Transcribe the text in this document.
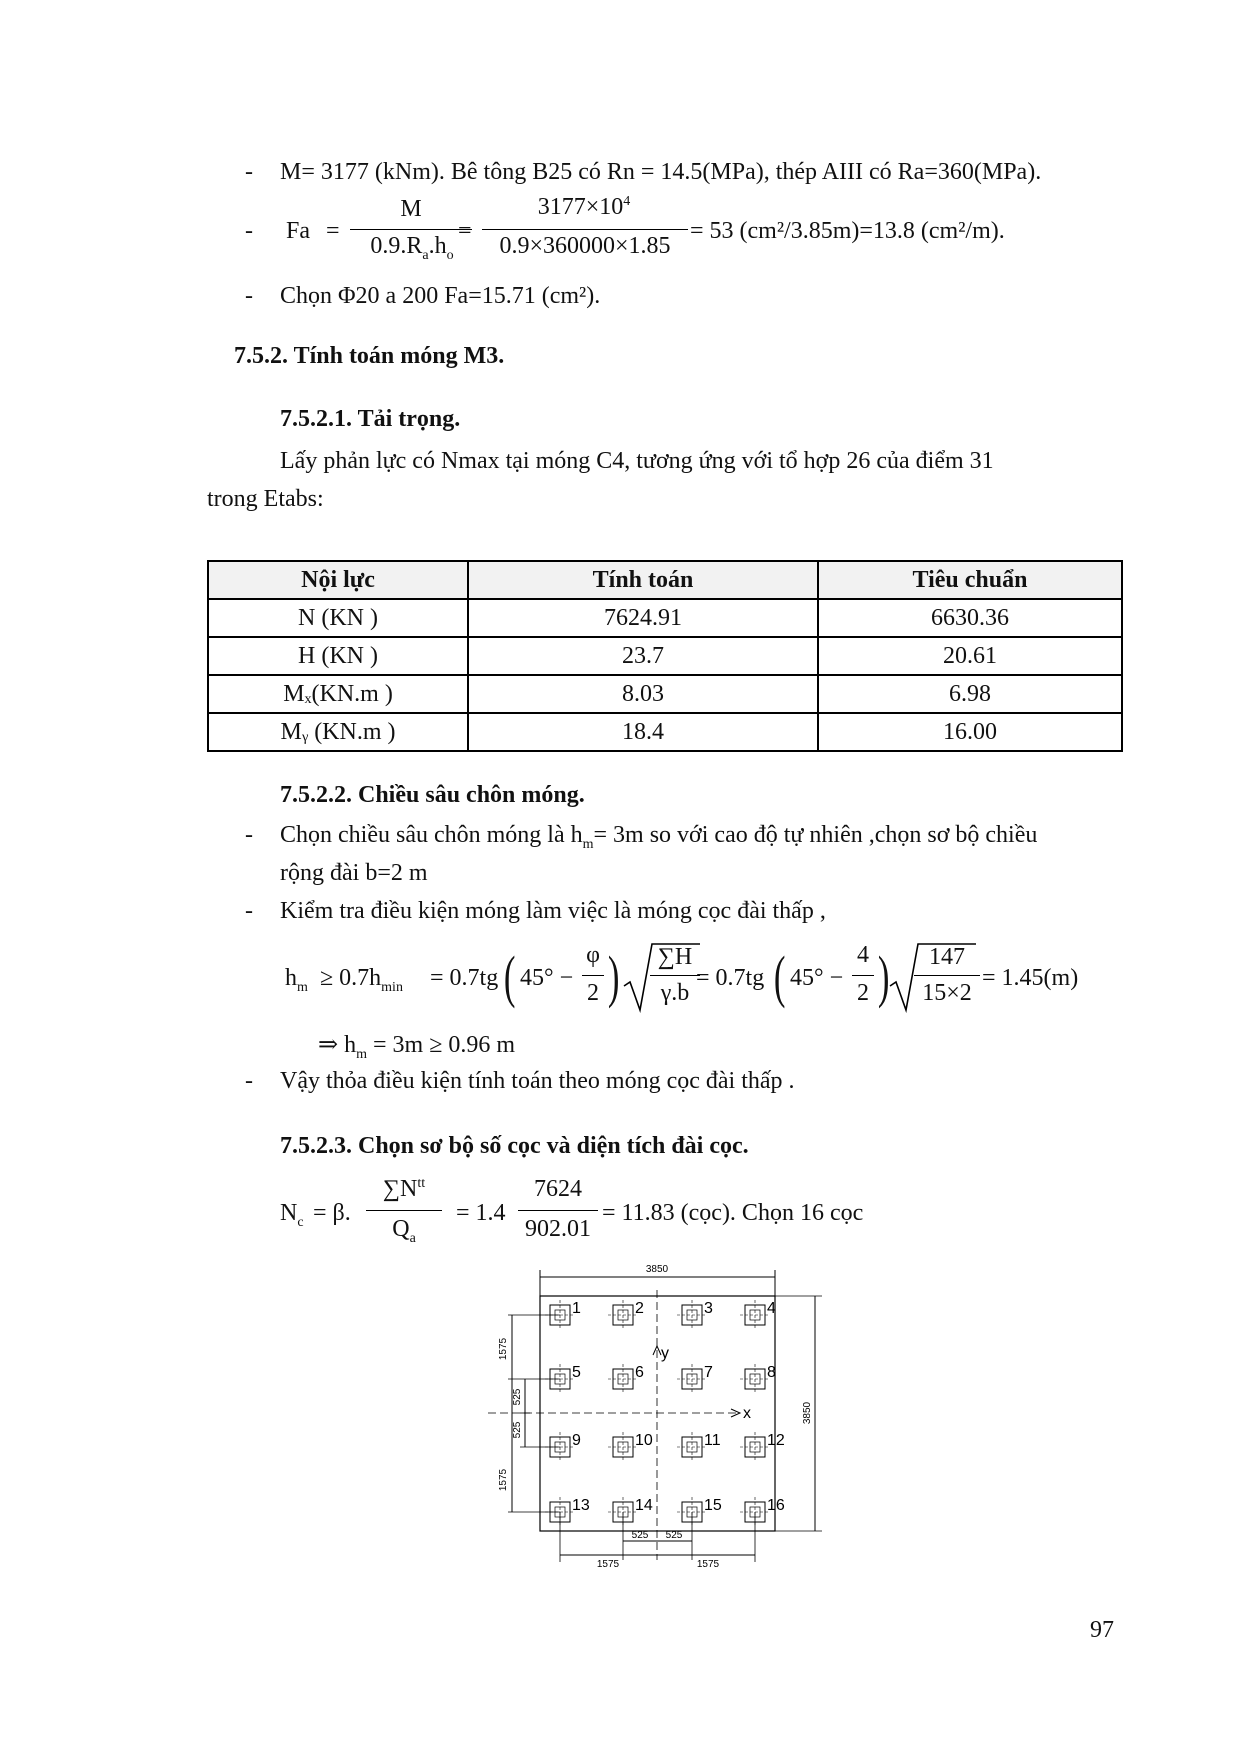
- M= 3177 (kNm). Bê tông B25 có Rn = 14.5(MPa), thép AIII có Ra=360(MPa).
- Fa =
M
$0.9.R_a.h_o$
=
$3177\times 10^4$
0.9×360000×1.85
= 53 (cm²/3.85m)=13.8 (cm²/m).
- Chọn Φ20 a 200 Fa=15.71 (cm²).
7.5.2. Tính toán móng M3.
7.5.2.1. Tải trọng.
Lấy phản lực có Nmax tại móng C4, tương ứng với tổ hợp 26 của điểm 31
trong Etabs:
Nội lực	Tính toán	Tiêu chuẩn
N (KN )	7624.91	6630.36
H (KN )	23.7	20.61
Mₓ(KN.m )	8.03	6.98
Mᵧ (KN.m )	18.4	16.00
7.5.2.2. Chiều sâu chôn móng.
- Chọn chiều sâu chôn móng là $h_m= 3m$ so với cao độ tự nhiên ,chọn sơ bộ chiều
rộng đài b=2 m
- Kiểm tra điều kiện móng làm việc là móng cọc đài thấp ,
$h_m \ge 0.7h_{min} = 0.7tg$ ( 45° −
φ
2 )	∑H
γ.b
= 0.7tg ( 45° −
4
2 )	147
15×2
= 1.45(m)
⇒ $h_m = 3m \ge 0.96$ m
- Vậy thỏa điều kiện tính toán theo móng cọc đài thấp .
7.5.2.3. Chọn sơ bộ số cọc và diện tích đài cọc.
$N_c = \beta$.
$\sum N^{tt}$
$Q_a$
= 1.4
7624
902.01
= 11.83 (cọc). Chọn 16 cọc
3850
3850
x
y
1575
525
525
1575
525 525
1575	1575
1	2	3	4
5	6	7	8
9	10	11	12
13	14	15	16
97
